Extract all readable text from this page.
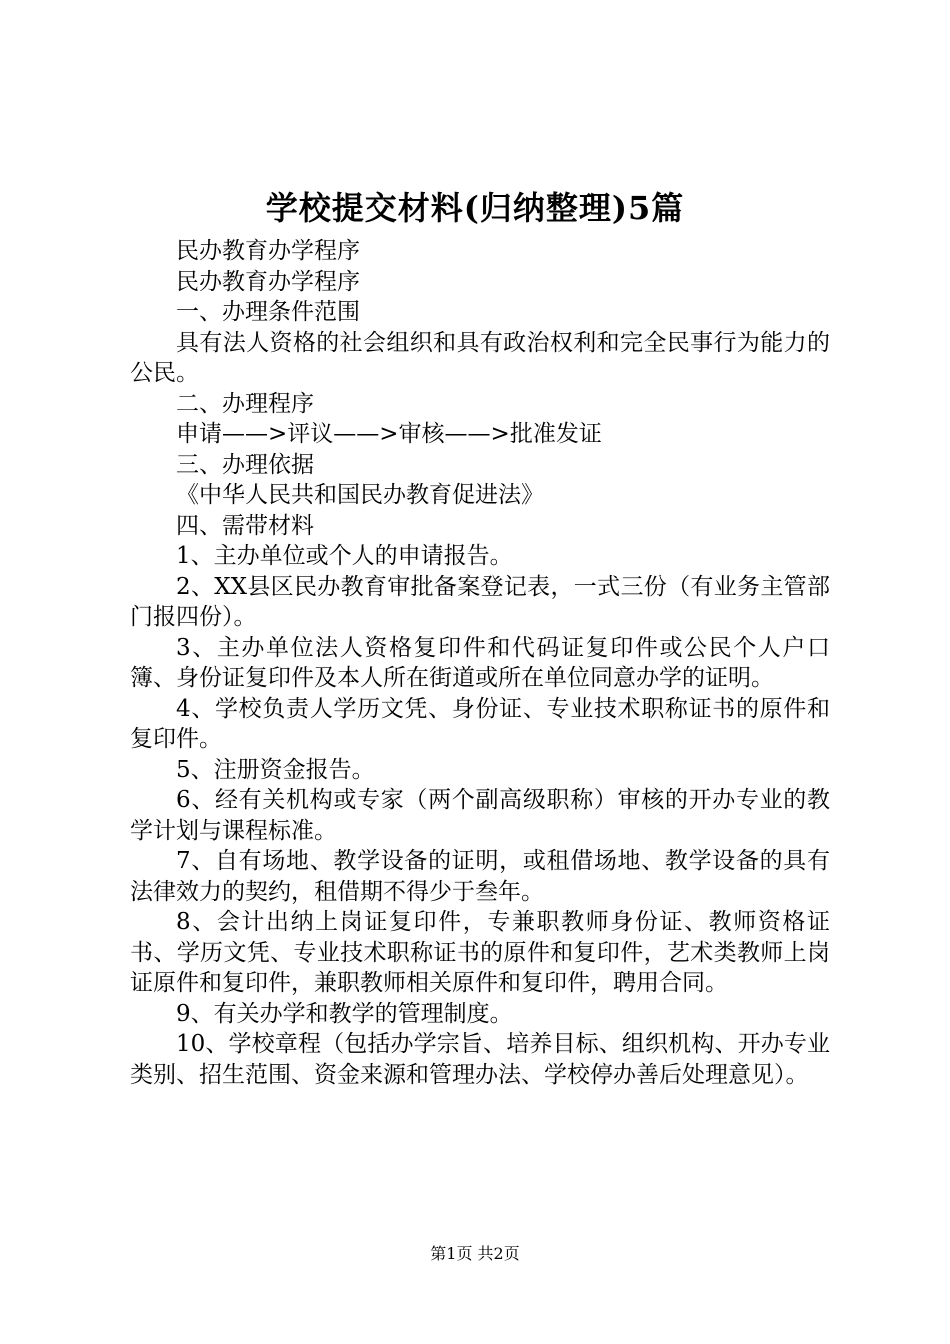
学校提交材料(归纳整理)5篇

民办教育办学程序

民办教育办学程序

一、办理条件范围

具有法人资格的社会组织和具有政治权利和完全民事行为能力的公民。

二、办理程序

申请——>评议——>审核——>批准发证

三、办理依据

《中华人民共和国民办教育促进法》

四、需带材料

1、主办单位或个人的申请报告。

2、XX县区民办教育审批备案登记表，一式三份（有业务主管部门报四份）。

3、主办单位法人资格复印件和代码证复印件或公民个人户口簿、身份证复印件及本人所在街道或所在单位同意办学的证明。

4、学校负责人学历文凭、身份证、专业技术职称证书的原件和复印件。

5、注册资金报告。

6、经有关机构或专家（两个副高级职称）审核的开办专业的教学计划与课程标准。

7、自有场地、教学设备的证明，或租借场地、教学设备的具有法律效力的契约，租借期不得少于叁年。

8、会计出纳上岗证复印件，专兼职教师身份证、教师资格证书、学历文凭、专业技术职称证书的原件和复印件，艺术类教师上岗证原件和复印件，兼职教师相关原件和复印件，聘用合同。

9、有关办学和教学的管理制度。

10、学校章程（包括办学宗旨、培养目标、组织机构、开办专业类别、招生范围、资金来源和管理办法、学校停办善后处理意见）。

第1页 共2页
